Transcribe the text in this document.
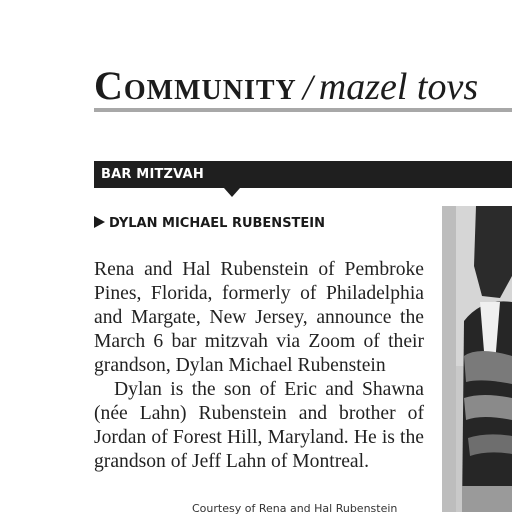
Community / mazel tovs
BAR MITZVAH
DYLAN MICHAEL RUBENSTEIN

Rena and Hal Rubenstein of Pembroke Pines, Florida, formerly of Philadelphia and Margate, New Jersey, announce the March 6 bar mitzvah via Zoom of their grandson, Dylan Michael Rubenstein

Dylan is the son of Eric and Shawna (née Lahn) Rubenstein and brother of Jordan of Forest Hill, Maryland. He is the grandson of Jeff Lahn of Montreal.

Courtesy of Rena and Hal Rubenstein
